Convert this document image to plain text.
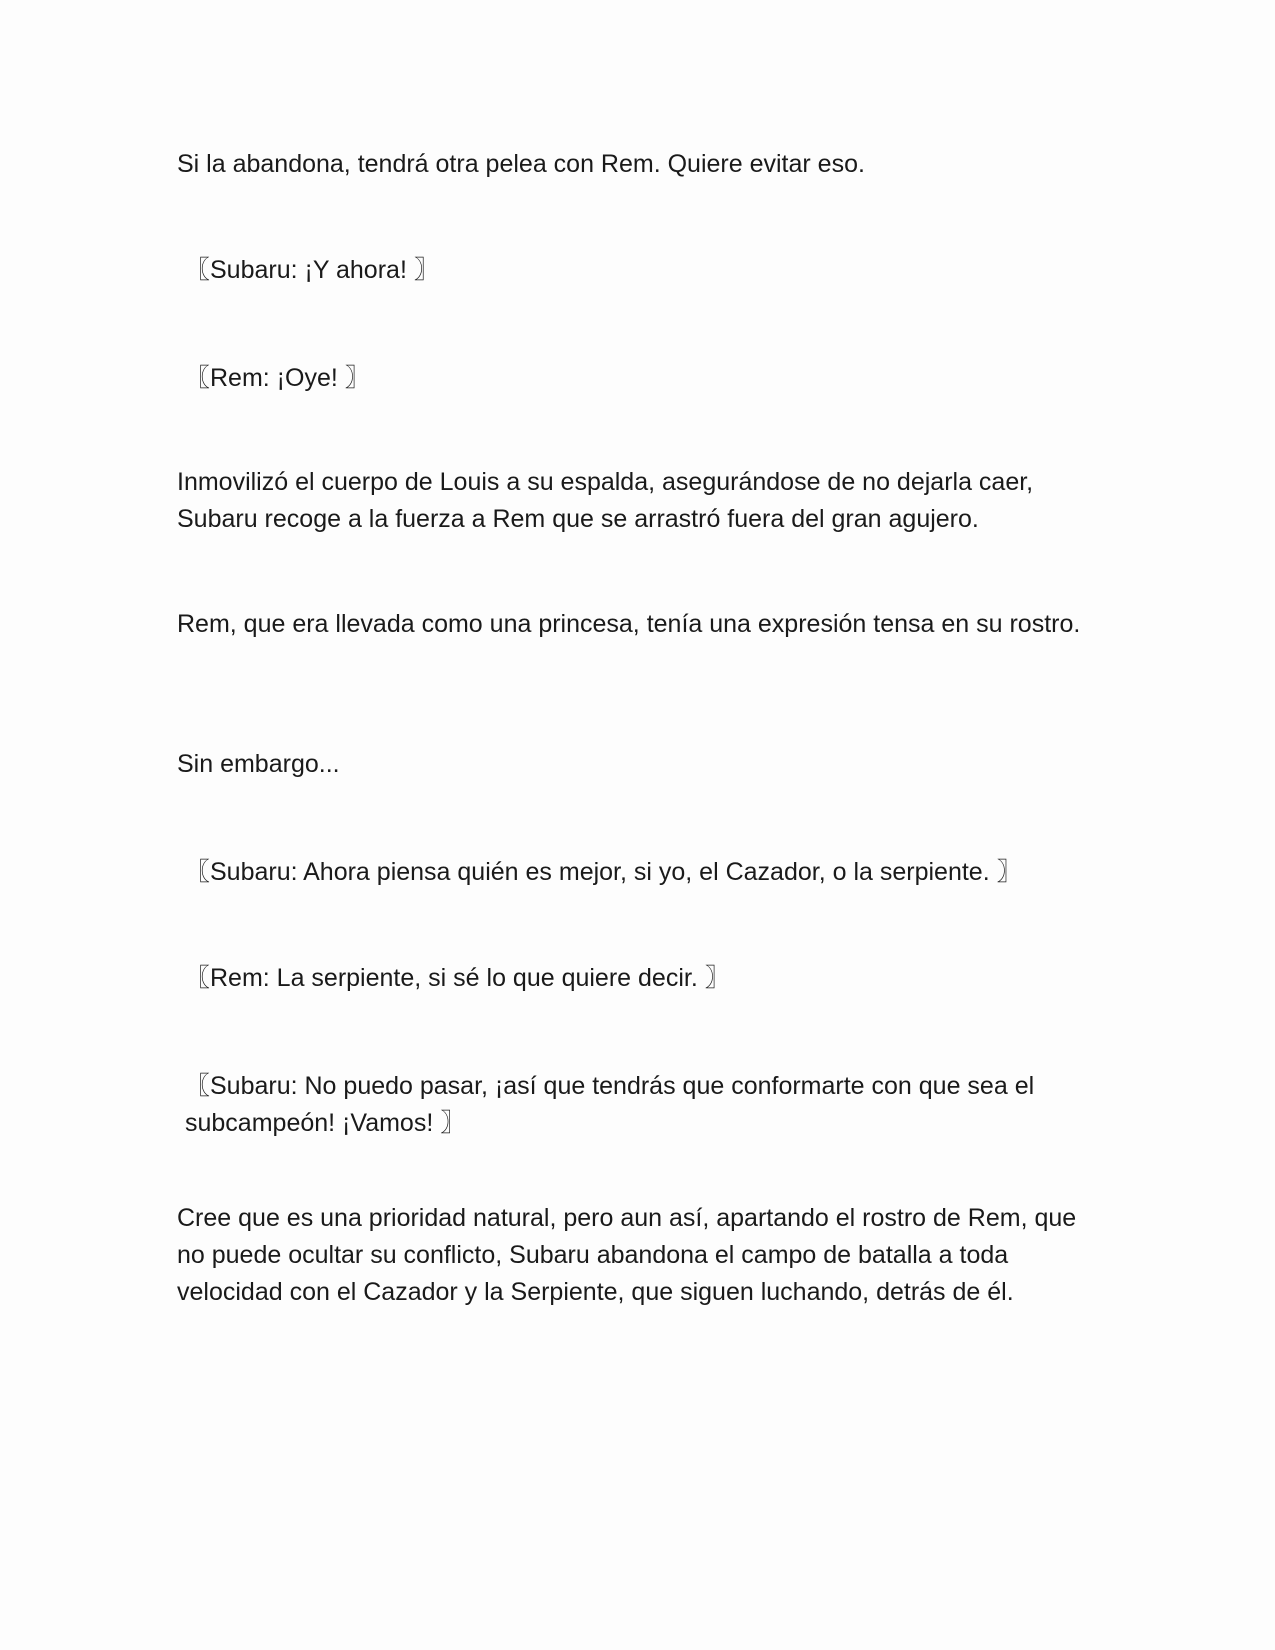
Si la abandona, tendrá otra pelea con Rem. Quiere evitar eso.

〖Subaru: ¡Y ahora! 〗

〖Rem: ¡Oye! 〗

Inmovilizó el cuerpo de Louis a su espalda, asegurándose de no dejarla caer, Subaru recoge a la fuerza a Rem que se arrastró fuera del gran agujero.

Rem, que era llevada como una princesa, tenía una expresión tensa en su rostro.

Sin embargo...

〖Subaru: Ahora piensa quién es mejor, si yo, el Cazador, o la serpiente. 〗

〖Rem: La serpiente, si sé lo que quiere decir. 〗

〖Subaru: No puedo pasar, ¡así que tendrás que conformarte con que sea el subcampeón! ¡Vamos! 〗

Cree que es una prioridad natural, pero aun así, apartando el rostro de Rem, que no puede ocultar su conflicto, Subaru abandona el campo de batalla a toda velocidad con el Cazador y la Serpiente, que siguen luchando, detrás de él.
